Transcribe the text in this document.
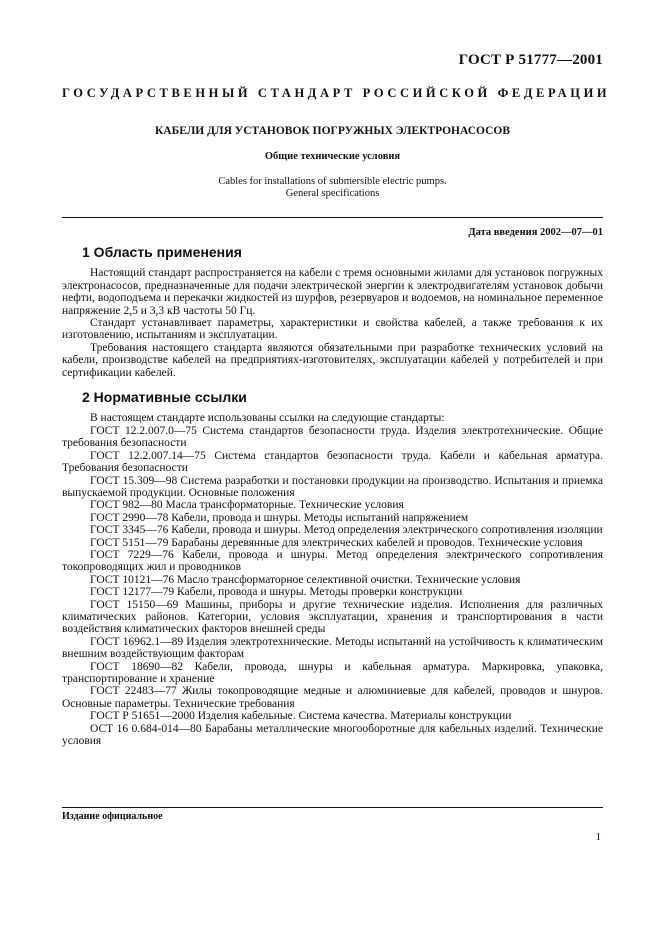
ГОСТ Р 51777—2001
ГОСУДАРСТВЕННЫЙ СТАНДАРТ РОССИЙСКОЙ ФЕДЕРАЦИИ
КАБЕЛИ ДЛЯ УСТАНОВОК ПОГРУЖНЫХ ЭЛЕКТРОНАСОСОВ
Общие технические условия
Cables for installations of submersible electric pumps.
General specifications
Дата введения 2002—07—01
1 Область применения

Настоящий стандарт распространяется на кабели с тремя основными жилами для установок погружных электронасосов, предназначенные для подачи электрической энергии к электродвигателям установок добычи нефти, водоподъема и перекачки жидкостей из шурфов, резервуаров и водоемов, на номинальное переменное напряжение 2,5 и 3,3 кВ частоты 50 Гц.

Стандарт устанавливает параметры, характеристики и свойства кабелей, а также требования к их изготовлению, испытаниям и эксплуатации.

Требования настоящего стандарта являются обязательными при разработке технических условий на кабели, производстве кабелей на предприятиях-изготовителях, эксплуатации кабелей у потребителей и при сертификации кабелей.

2 Нормативные ссылки

В настоящем стандарте использованы ссылки на следующие стандарты:

ГОСТ 12.2.007.0—75 Система стандартов безопасности труда. Изделия электротехнические. Общие требования безопасности

ГОСТ 12.2.007.14—75 Система стандартов безопасности труда. Кабели и кабельная арматура. Требования безопасности

ГОСТ 15.309—98 Система разработки и постановки продукции на производство. Испытания и приемка выпускаемой продукции. Основные положения

ГОСТ 982—80 Масла трансформаторные. Технические условия

ГОСТ 2990—78 Кабели, провода и шнуры. Методы испытаний напряжением

ГОСТ 3345—76 Кабели, провода и шнуры. Метод определения электрического сопротивления изоляции

ГОСТ 5151—79 Барабаны деревянные для электрических кабелей и проводов. Технические условия

ГОСТ 7229—76 Кабели, провода и шнуры. Метод определения электрического сопротивления токопроводящих жил и проводников

ГОСТ 10121—76 Масло трансформаторное селективной очистки. Технические условия

ГОСТ 12177—79 Кабели, провода и шнуры. Методы проверки конструкции

ГОСТ 15150—69 Машины, приборы и другие технические изделия. Исполнения для различных климатических районов. Категории, условия эксплуатации, хранения и транспортирования в части воздействия климатических факторов внешней среды

ГОСТ 16962.1—89 Изделия электротехнические. Методы испытаний на устойчивость к климатическим внешним воздействующим факторам

ГОСТ 18690—82 Кабели, провода, шнуры и кабельная арматура. Маркировка, упаковка, транспортирование и хранение

ГОСТ 22483—77 Жилы токопроводящие медные и алюминиевые для кабелей, проводов и шнуров. Основные параметры. Технические требования

ГОСТ Р 51651—2000 Изделия кабельные. Система качества. Материалы конструкции

ОСТ 16 0.684-014—80 Барабаны металлические многооборотные для кабельных изделий. Технические условия

Издание официальное
1
